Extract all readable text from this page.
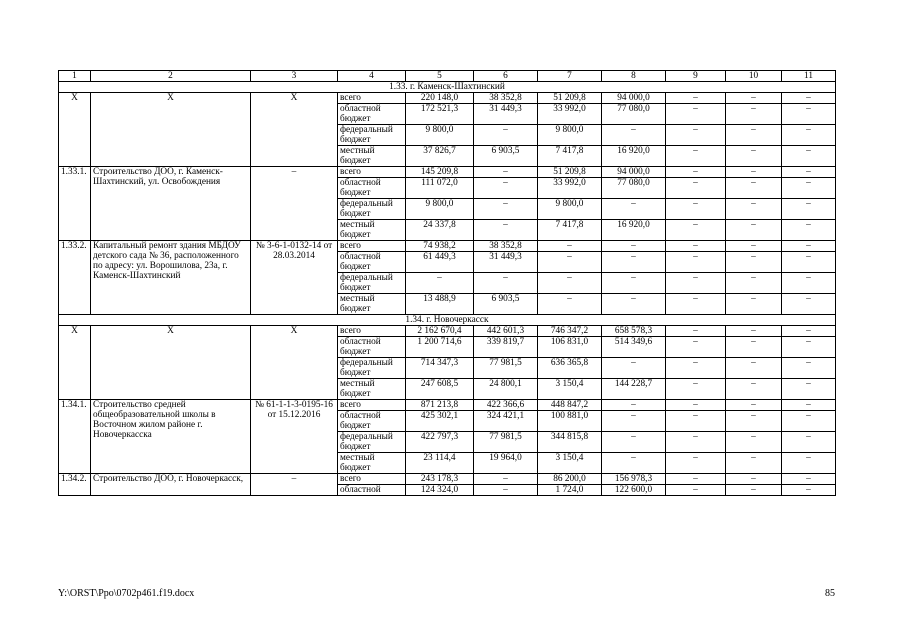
1	2	3	4	5	6	7	8	9	10	11
1.33. г. Каменск-Шахтинский										
Х	Х	Х	всего	220 148,0	38 352,8	51 209,8	94 000,0	–	–	–
			областной бюджет	172 521,3	31 449,3	33 992,0	77 080,0	–	–	–
			федеральный бюджет	9 800,0	–	9 800,0	–	–	–	–
			местный бюджет	37 826,7	6 903,5	7 417,8	16 920,0	–	–	–
1.33.1.	Строительство ДОО, г. Каменск-Шахтинский, ул. Освобождения	–	всего	145 209,8	–	51 209,8	94 000,0	–	–	–
			областной бюджет	111 072,0	–	33 992,0	77 080,0	–	–	–
			федеральный бюджет	9 800,0	–	9 800,0	–	–	–	–
			местный бюджет	24 337,8	–	7 417,8	16 920,0	–	–	–
1.33.2.	Капитальный ремонт здания МБДОУ детского сада № 36, расположенного по адресу: ул. Ворошилова, 23а, г. Каменск-Шахтинский	№ 3-6-1-0132-14 от 28.03.2014	всего	74 938,2	38 352,8	–	–	–	–	–
			областной бюджет	61 449,3	31 449,3	–	–	–	–	–
			федеральный бюджет	–	–	–	–	–	–	–
			местный бюджет	13 488,9	6 903,5	–	–	–	–	–
1.34. г. Новочеркасск										
Х	Х	Х	всего	2 162 670,4	442 601,3	746 347,2	658 578,3	–	–	–
			областной бюджет	1 200 714,6	339 819,7	106 831,0	514 349,6	–	–	–
			федеральный бюджет	714 347,3	77 981,5	636 365,8	–	–	–	–
			местный бюджет	247 608,5	24 800,1	3 150,4	144 228,7	–	–	–
1.34.1.	Строительство средней общеобразовательной школы в Восточном жилом районе г. Новочеркасска	№ 61-1-1-3-0195-16 от 15.12.2016	всего	871 213,8	422 366,6	448 847,2	–	–	–	–
			областной бюджет	425 302,1	324 421,1	100 881,0	–	–	–	–
			федеральный бюджет	422 797,3	77 981,5	344 815,8	–	–	–	–
			местный бюджет	23 114,4	19 964,0	3 150,4	–	–	–	–
1.34.2.	Строительство ДОО, г. Новочеркасск,	–	всего	243 178,3	–	86 200,0	156 978,3	–	–	–
			областной	124 324,0	–	1 724,0	122 600,0	–	–	–
Y:\ORST\Ppo\0702p461.f19.docx	85
